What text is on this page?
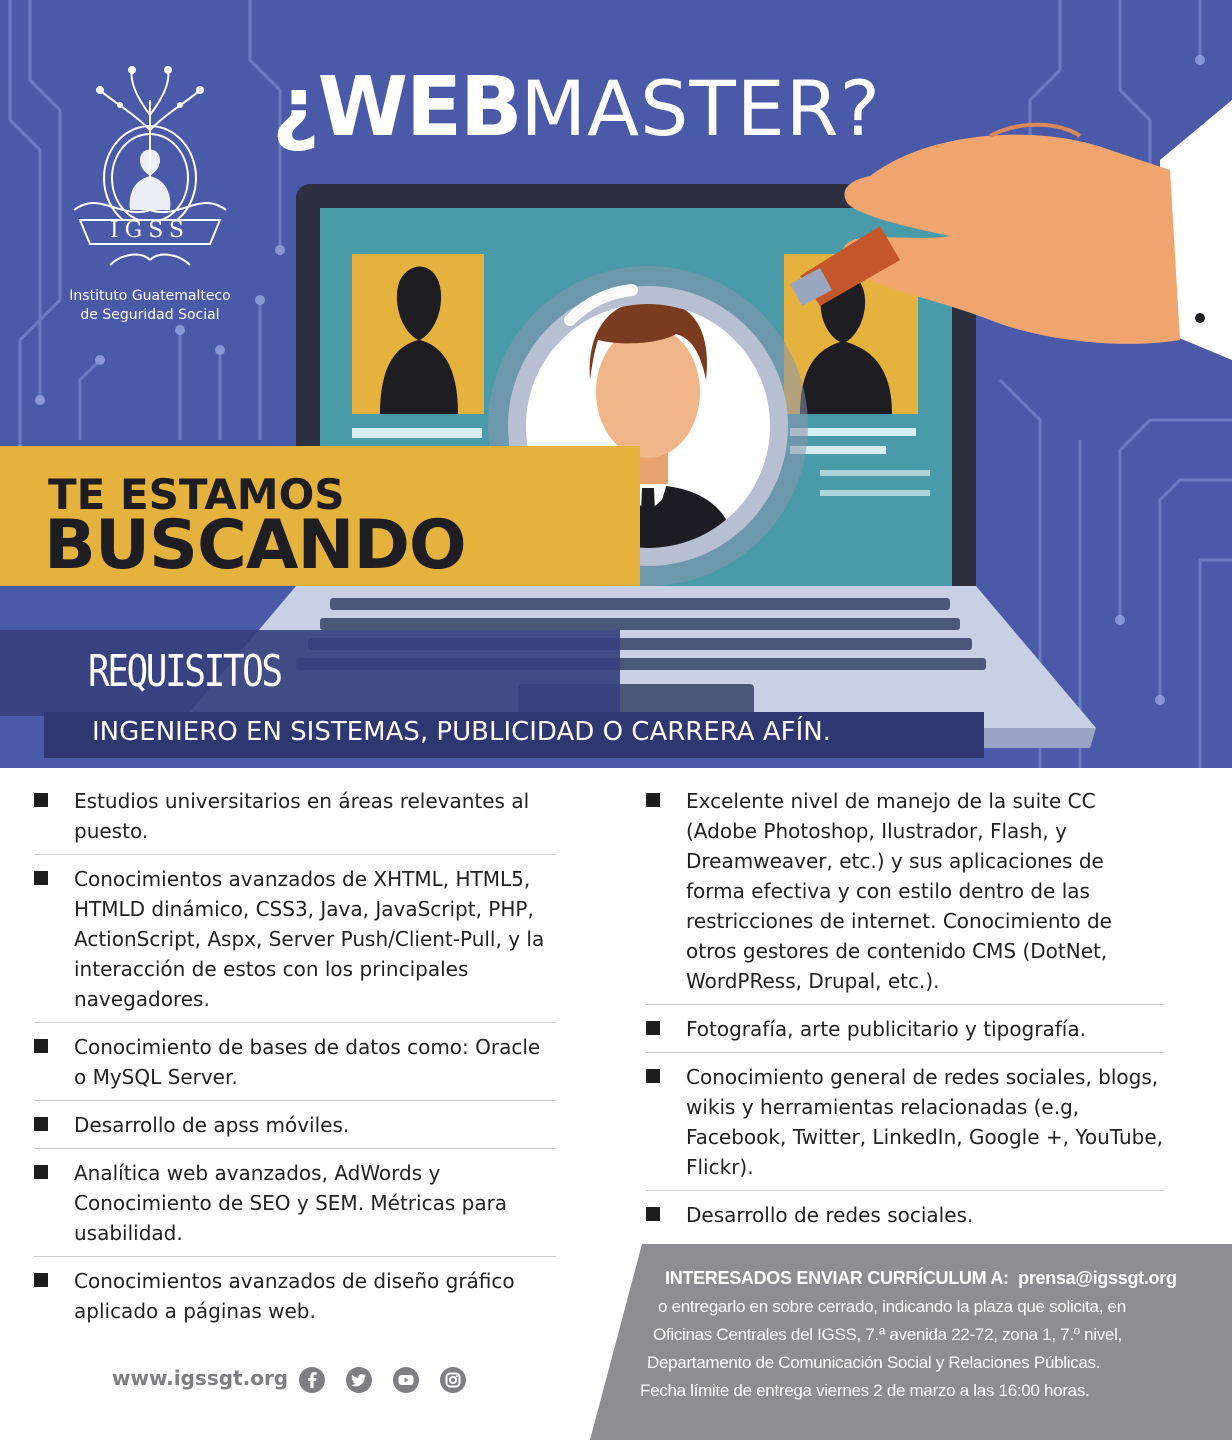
IGSS
Instituto Guatemalteco
de Seguridad Social
¿WEBMASTER?
TE ESTAMOS
BUSCANDO
REQUISITOS
INGENIERO EN SISTEMAS, PUBLICIDAD O CARRERA AFÍN.
Estudios universitarios en áreas relevantes al puesto.
Conocimientos avanzados de XHTML, HTML5, HTMLD dinámico, CSS3, Java, JavaScript, PHP, ActionScript, Aspx, Server Push/Client-Pull, y la interacción de estos con los principales navegadores.
Conocimiento de bases de datos como: Oracle o MySQL Server.
Desarrollo de apss móviles.
Analítica web avanzados, AdWords y Conocimiento de SEO y SEM. Métricas para usabilidad.
Conocimientos avanzados de diseño gráfico aplicado a páginas web.
Excelente nivel de manejo de la suite CC (Adobe Photoshop, Ilustrador, Flash, y Dreamweaver, etc.) y sus aplicaciones de forma efectiva y con estilo dentro de las restricciones de internet. Conocimiento de otros gestores de contenido CMS (DotNet, WordPRess, Drupal, etc.).
Fotografía, arte publicitario y tipografía.
Conocimiento general de redes sociales, blogs, wikis y herramientas relacionadas (e.g, Facebook, Twitter, LinkedIn, Google +, YouTube, Flickr).
Desarrollo de redes sociales.
www.igssgt.org
INTERESADOS ENVIAR CURRÍCULUM A: prensa@igssgt.org
o entregarlo en sobre cerrado, indicando la plaza que solicita, en
Oficinas Centrales del IGSS, 7.ª avenida 22-72, zona 1, 7.º nivel,
Departamento de Comunicación Social y Relaciones Públicas.
Fecha límite de entrega viernes 2 de marzo a las 16:00 horas.
